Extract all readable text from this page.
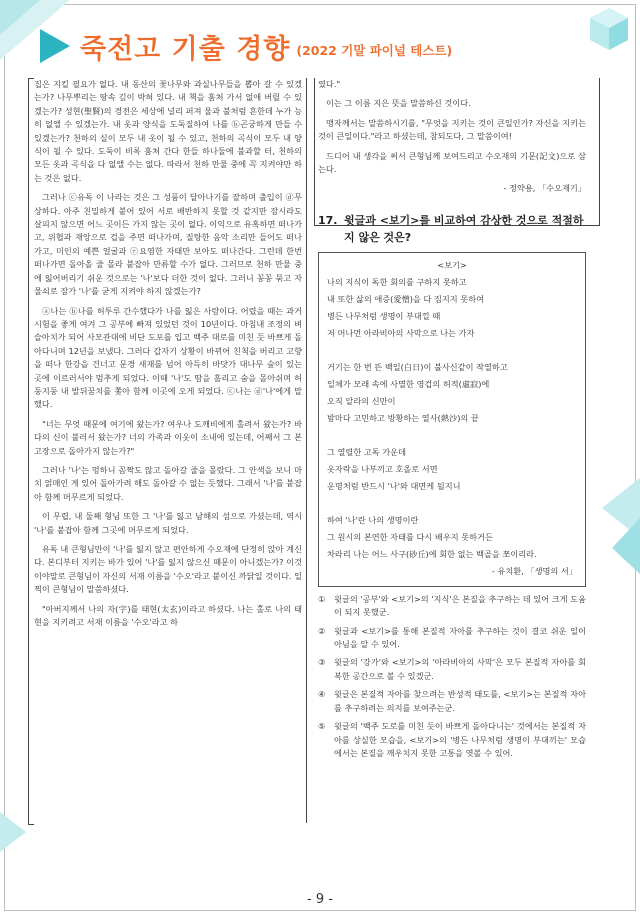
죽전고 기출 경향 (2022 기말 파이널 테스트)

집은 지킬 필요가 없다. 내 동산의 꽃나무와 과실나무들을 뽑아 갈 수 있겠는가? 나무뿌리는 땅속 깊이 박혀 있다. 내 책을 훔쳐 가서 없애 버릴 수 있겠는가? 성현(聖賢)의 경전은 세상에 널리 퍼져 물과 불처럼 흔한데 누가 능히 없앨 수 있겠는가. 내 옷과 양식을 도둑질하여 나를 ⓑ곤궁하게 만들 수 있겠는가? 천하의 실이 모두 내 옷이 될 수 있고, 천하의 곡식이 모두 내 양식이 될 수 있다. 도둑이 비록 훔쳐 간다 한들 하나둘에 불과할 터, 천하의 모든 옷과 곡식을 다 없앨 수는 없다. 따라서 천하 만물 중에 꼭 지켜야만 하는 것은 없다.

그러나 ⓒ유독 이 나라는 것은 그 성품이 달아나기를 잘하며 출입이 ⓓ무상하다. 아주 친밀하게 붙어 있어 서로 배반하지 못할 것 같지만 잠시라도 살피지 않으면 어느 곳이든 가지 않는 곳이 없다. 이익으로 유혹하면 떠나가고, 위협과 재앙으로 겁을 주면 떠나가며, 질탕한 음악 소리만 들어도 떠나가고, 미인의 예쁜 얼굴과 ⓔ요염한 자태만 보아도 떠나간다. 그런데 한번 떠나가면 돌아올 줄 몰라 붙잡아 만류할 수가 없다. 그러므로 천하 만물 중에 잃어버리기 쉬운 것으로는 '나'보다 더한 것이 없다. 그러니 꽁꽁 묶고 자물쇠로 잠가 '나'를 굳게 지켜야 하지 않겠는가?

ⓐ나는 ⓑ나를 허투루 간수했다가 나를 잃은 사람이다. 어렸을 때는 과거 시험을 좋게 여겨 그 공부에 빠져 있었던 것이 10년이다. 마침내 조정의 벼슬아치가 되어 사모관대에 비단 도포를 입고 백주 대로를 미친 듯 바쁘게 돌아다니며 12년을 보냈다. 그러다 갑자기 상황이 바뀌어 친척을 버리고 고향을 떠나 한강을 건너고 문경 새재를 넘어 아득히 바닷가 대나무 숲이 있는 곳에 이르러서야 멈추게 되었다. 이때 '나'도 땀을 흘리고 숨을 몰아쉬며 허둥지둥 내 발뒤꿈치를 쫓아 함께 이곳에 오게 되었다. ⓒ나는 ⓓ'나'에게 말했다.

"너는 무엇 때문에 여기에 왔는가? 여우나 도깨비에게 홀려서 왔는가? 바다의 신이 불러서 왔는가? 너의 가족과 이웃이 소내에 있는데, 어째서 그 본고장으로 돌아가지 않는가?"

그러나 '나'는 멍하니 꼼짝도 않고 돌아갈 줄을 몰랐다. 그 안색을 보니 마치 얽매인 게 있어 돌아가려 해도 돌아갈 수 없는 듯했다. 그래서 '나'를 붙잡아 함께 머무르게 되었다.

이 무렵, 내 둘째 형님 또한 그 '나'를 잃고 남해의 섬으로 가셨는데, 역시 '나'를 붙잡아 함께 그곳에 머무르게 되었다.

유독 내 큰형님만이 '나'를 잃지 않고 편안하게 수오재에 단정히 앉아 계신다. 본디부터 지키는 바가 있어 '나'를 잃지 않으신 때문이 아니겠는가? 이것이야말로 큰형님이 자신의 서재 이름을 '수오'라고 붙이신 까닭일 것이다. 일찍이 큰형님이 말씀하셨다.

"아버지께서 나의 자(字)를 태현(太玄)이라고 하셨다. 나는 홀로 나의 태현을 지키려고 서재 이름을 '수오'라고 하

였다."

이는 그 이름 지은 뜻을 말씀하신 것이다.

맹자께서는 말씀하시기를, "무엇을 지키는 것이 큰일인가? 자신을 지키는 것이 큰일이다."라고 하셨는데, 참되도다, 그 말씀이여!

드디어 내 생각을 써서 큰형님께 보여드리고 수오재의 기문(記文)으로 삼는다.

- 정약용, 「수오재기」
17. 윗글과 <보기>를 비교하여 감상한 것으로 적절하지 않은 것은?
<보기>
나의 지식이 독한 회의를 구하지 못하고
내 또한 삶의 애증(愛憎)을 다 짐지지 못하여
병든 나무처럼 생명이 부대낄 때
저 머나먼 아라비아의 사막으로 나는 가자

거기는 한 번 뜬 백일(白日)이 불사신같이 작열하고
일체가 모래 속에 사멸한 영겁의 허적(虛寂)에
오직 알라의 신만이
밤마다 고민하고 방황하는 열사(熱沙)의 끝

그 열렬한 고독 가운데
옷자락을 나부끼고 호올로 서면
운명처럼 반드시 '나'와 대면케 될지니

하여 '나'란 나의 생명이란
그 원시의 본연한 자태를 다시 배우지 못하거든
차라리 나는 어느 사구(砂丘)에 회한 없는 백골을 쪼이리라.
- 유치환, 「생명의 서」
①	윗글의 '공부'와 <보기>의 '지식'은 본질을 추구하는 데 있어 크게 도움이 되지 못했군.
②	윗글과 <보기>를 통해 본질적 자아를 추구하는 것이 결코 쉬운 일이 아님을 알 수 있어.
③	윗글의 '강가'와 <보기>의 '아라비아의 사막'은 모두 본질적 자아를 회복한 공간으로 볼 수 있겠군.
④	윗글은 본질적 자아를 찾으려는 반성적 태도를, <보기>는 본질적 자아를 추구하려는 의지를 보여주는군.
⑤	윗글의 '백주 도로를 미친 듯이 바쁘게 돌아다니는' 것에서는 본질적 자아를 상실한 모습을, <보기>의 '병든 나무처럼 생명이 부대끼는' 모습에서는 본질을 깨우치지 못한 고통을 엿볼 수 있어.
- 9 -
